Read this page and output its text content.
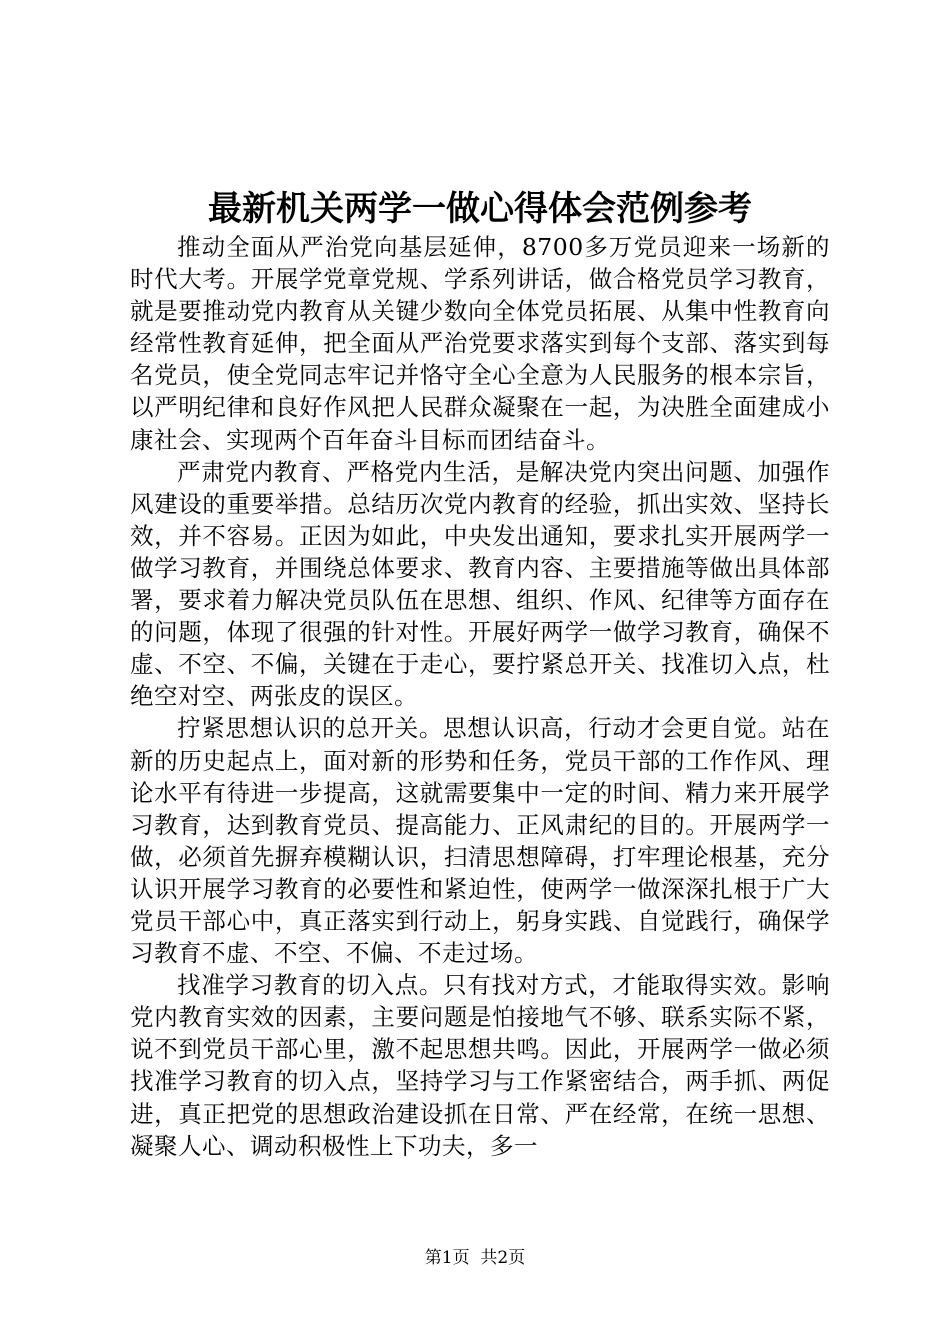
最新机关两学一做心得体会范例参考

推动全面从严治党向基层延伸，8700多万党员迎来一场新的时代大考。开展学党章党规、学系列讲话，做合格党员学习教育，就是要推动党内教育从关键少数向全体党员拓展、从集中性教育向经常性教育延伸，把全面从严治党要求落实到每个支部、落实到每名党员，使全党同志牢记并恪守全心全意为人民服务的根本宗旨，以严明纪律和良好作风把人民群众凝聚在一起，为决胜全面建成小康社会、实现两个百年奋斗目标而团结奋斗。

严肃党内教育、严格党内生活，是解决党内突出问题、加强作风建设的重要举措。总结历次党内教育的经验，抓出实效、坚持长效，并不容易。正因为如此，中央发出通知，要求扎实开展两学一做学习教育，并围绕总体要求、教育内容、主要措施等做出具体部署，要求着力解决党员队伍在思想、组织、作风、纪律等方面存在的问题，体现了很强的针对性。开展好两学一做学习教育，确保不虚、不空、不偏，关键在于走心，要拧紧总开关、找准切入点，杜绝空对空、两张皮的误区。

拧紧思想认识的总开关。思想认识高，行动才会更自觉。站在新的历史起点上，面对新的形势和任务，党员干部的工作作风、理论水平有待进一步提高，这就需要集中一定的时间、精力来开展学习教育，达到教育党员、提高能力、正风肃纪的目的。开展两学一做，必须首先摒弃模糊认识，扫清思想障碍，打牢理论根基，充分认识开展学习教育的必要性和紧迫性，使两学一做深深扎根于广大党员干部心中，真正落实到行动上，躬身实践、自觉践行，确保学习教育不虚、不空、不偏、不走过场。

找准学习教育的切入点。只有找对方式，才能取得实效。影响党内教育实效的因素，主要问题是怕接地气不够、联系实际不紧，说不到党员干部心里，激不起思想共鸣。因此，开展两学一做必须找准学习教育的切入点，坚持学习与工作紧密结合，两手抓、两促进，真正把党的思想政治建设抓在日常、严在经常，在统一思想、凝聚人心、调动积极性上下功夫，多一

第1页 共2页
